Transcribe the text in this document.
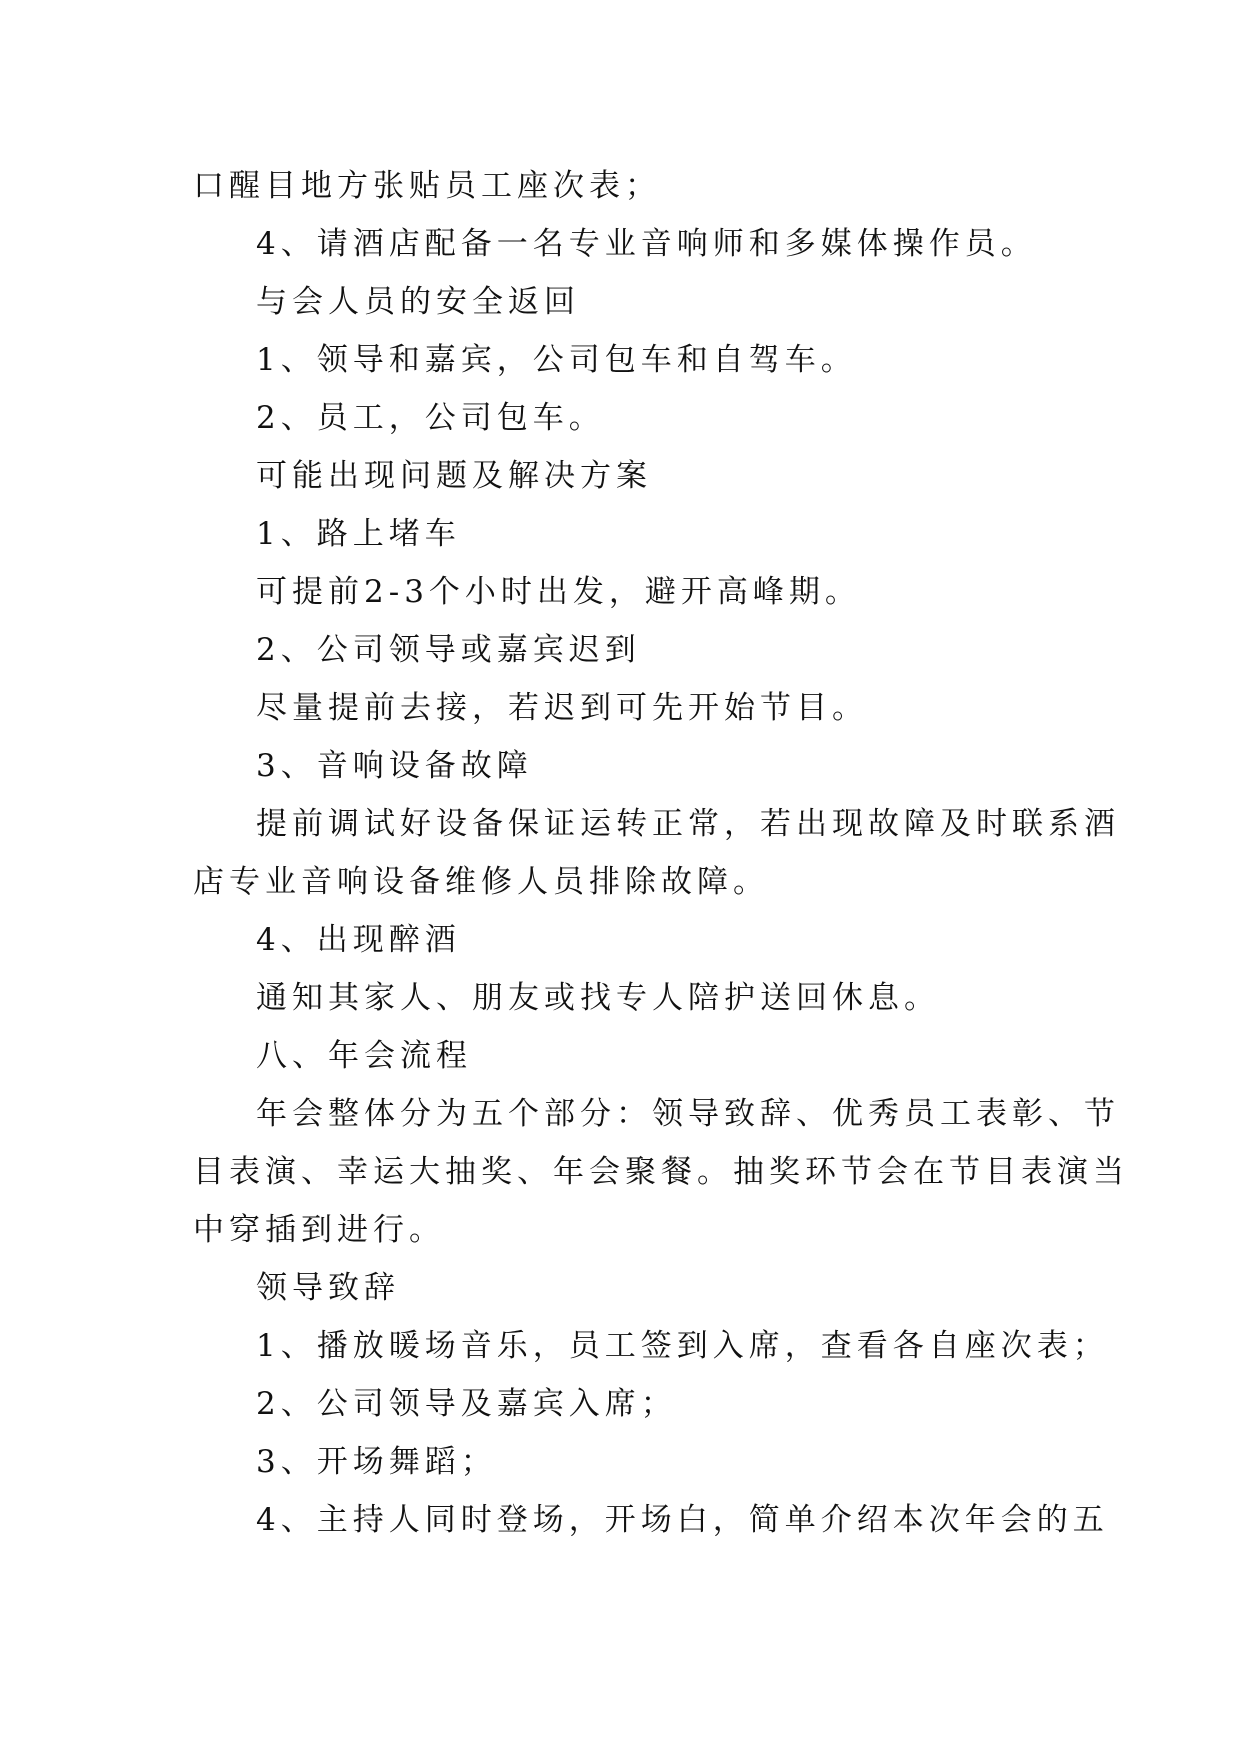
口醒目地方张贴员工座次表；
4、请酒店配备一名专业音响师和多媒体操作员。
与会人员的安全返回
1、领导和嘉宾，公司包车和自驾车。
2、员工，公司包车。
可能出现问题及解决方案
1、路上堵车
可提前2-3个小时出发，避开高峰期。
2、公司领导或嘉宾迟到
尽量提前去接，若迟到可先开始节目。
3、音响设备故障
提前调试好设备保证运转正常，若出现故障及时联系酒
店专业音响设备维修人员排除故障。
4、出现醉酒
通知其家人、朋友或找专人陪护送回休息。
八、年会流程
年会整体分为五个部分：领导致辞、优秀员工表彰、节
目表演、幸运大抽奖、年会聚餐。抽奖环节会在节目表演当
中穿插到进行。
领导致辞
1、播放暖场音乐，员工签到入席，查看各自座次表；
2、公司领导及嘉宾入席；
3、开场舞蹈；
4、主持人同时登场，开场白，简单介绍本次年会的五
